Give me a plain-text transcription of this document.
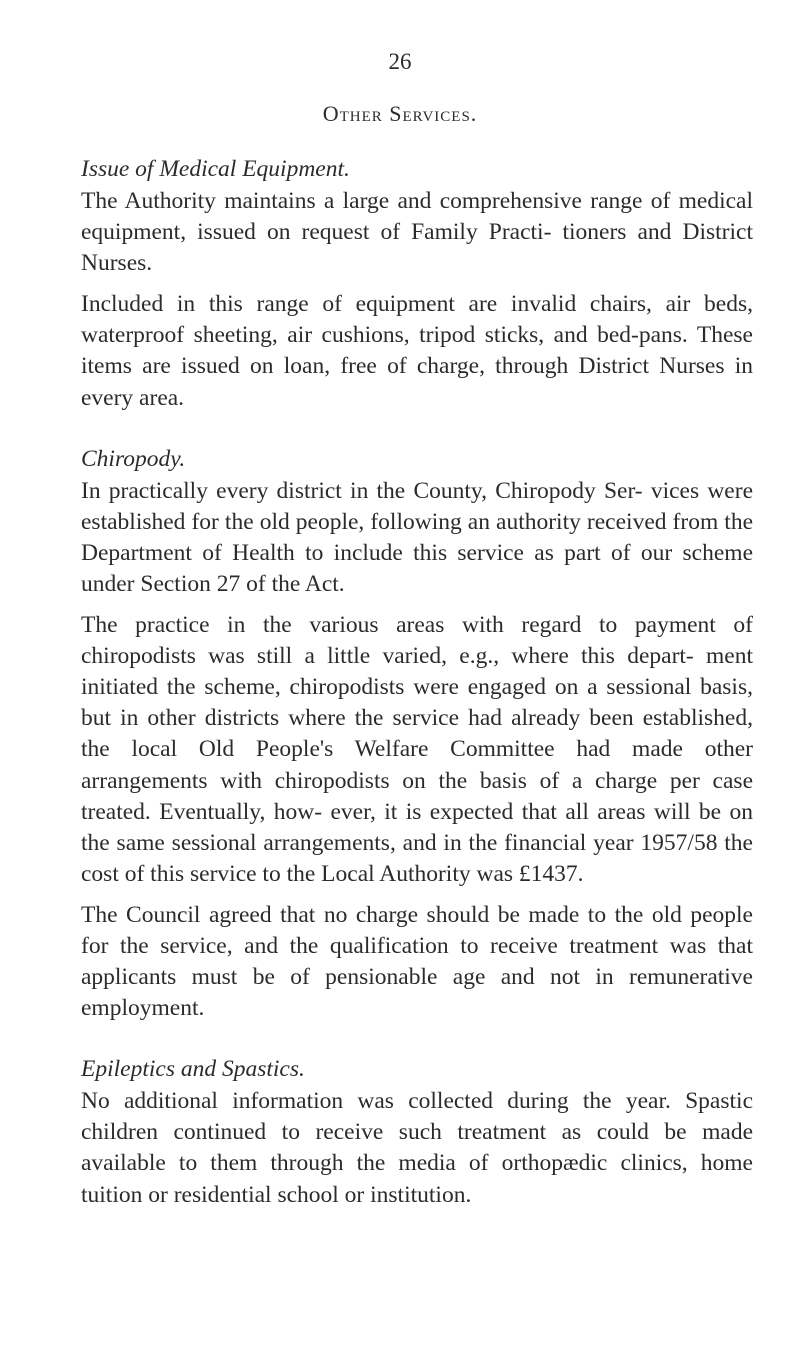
26
Other Services.

Issue of Medical Equipment.

The Authority maintains a large and comprehensive range of medical equipment, issued on request of Family Practi- tioners and District Nurses.

Included in this range of equipment are invalid chairs, air beds, waterproof sheeting, air cushions, tripod sticks, and bed-pans. These items are issued on loan, free of charge, through District Nurses in every area.

Chiropody.

In practically every district in the County, Chiropody Ser- vices were established for the old people, following an authority received from the Department of Health to include this service as part of our scheme under Section 27 of the Act.

The practice in the various areas with regard to payment of chiropodists was still a little varied, e.g., where this depart- ment initiated the scheme, chiropodists were engaged on a sessional basis, but in other districts where the service had already been established, the local Old People's Welfare Committee had made other arrangements with chiropodists on the basis of a charge per case treated. Eventually, how- ever, it is expected that all areas will be on the same sessional arrangements, and in the financial year 1957/58 the cost of this service to the Local Authority was £1437.

The Council agreed that no charge should be made to the old people for the service, and the qualification to receive treatment was that applicants must be of pensionable age and not in remunerative employment.

Epileptics and Spastics.

No additional information was collected during the year. Spastic children continued to receive such treatment as could be made available to them through the media of orthopædic clinics, home tuition or residential school or institution.
